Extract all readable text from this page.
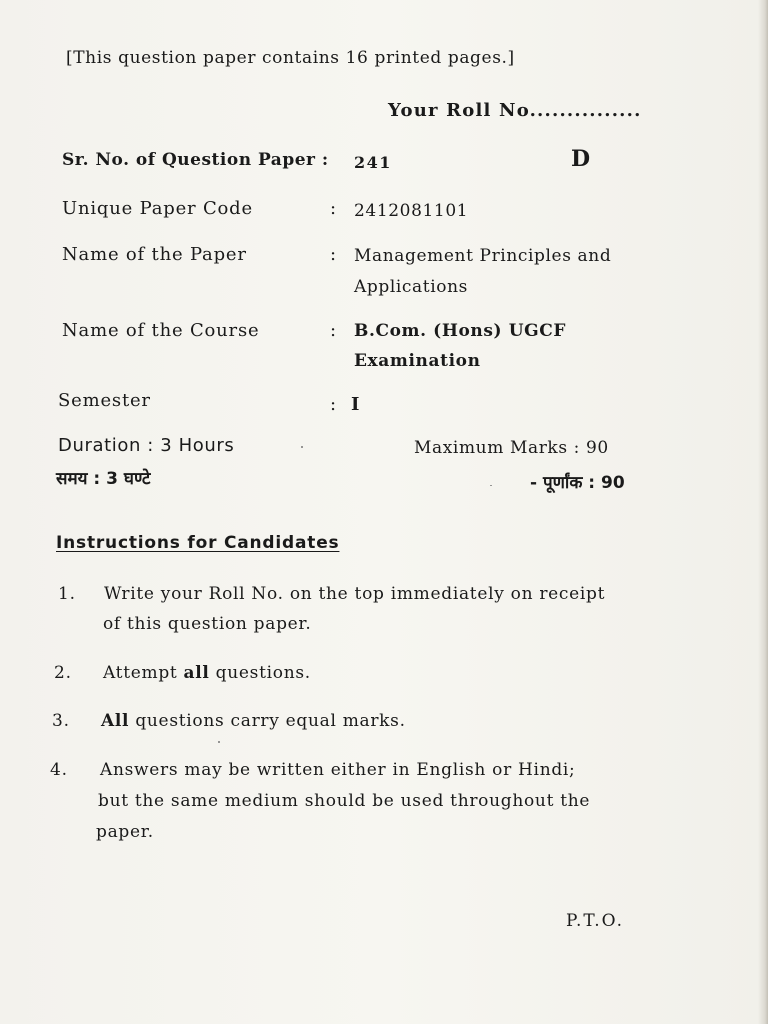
[This question paper contains 16 printed pages.]
Your Roll No...............
Sr. No. of Question Paper : 241	D
Unique Paper Code	: 2412081101
Name of the Paper	: Management Principles and
Applications
Name of the Course	: B.Com. (Hons) UGCF
Examination
Semester	: I
Duration : 3 Hours	Maximum Marks : 90
समय : 3 घण्टे	- पूर्णांक : 90
Instructions for Candidates
1. Write your Roll No. on the top immediately on receipt
of this question paper.
2. Attempt all questions.
3. All questions carry equal marks.
4. Answers may be written either in English or Hindi;
but the same medium should be used throughout the
paper.
P.T.O.
